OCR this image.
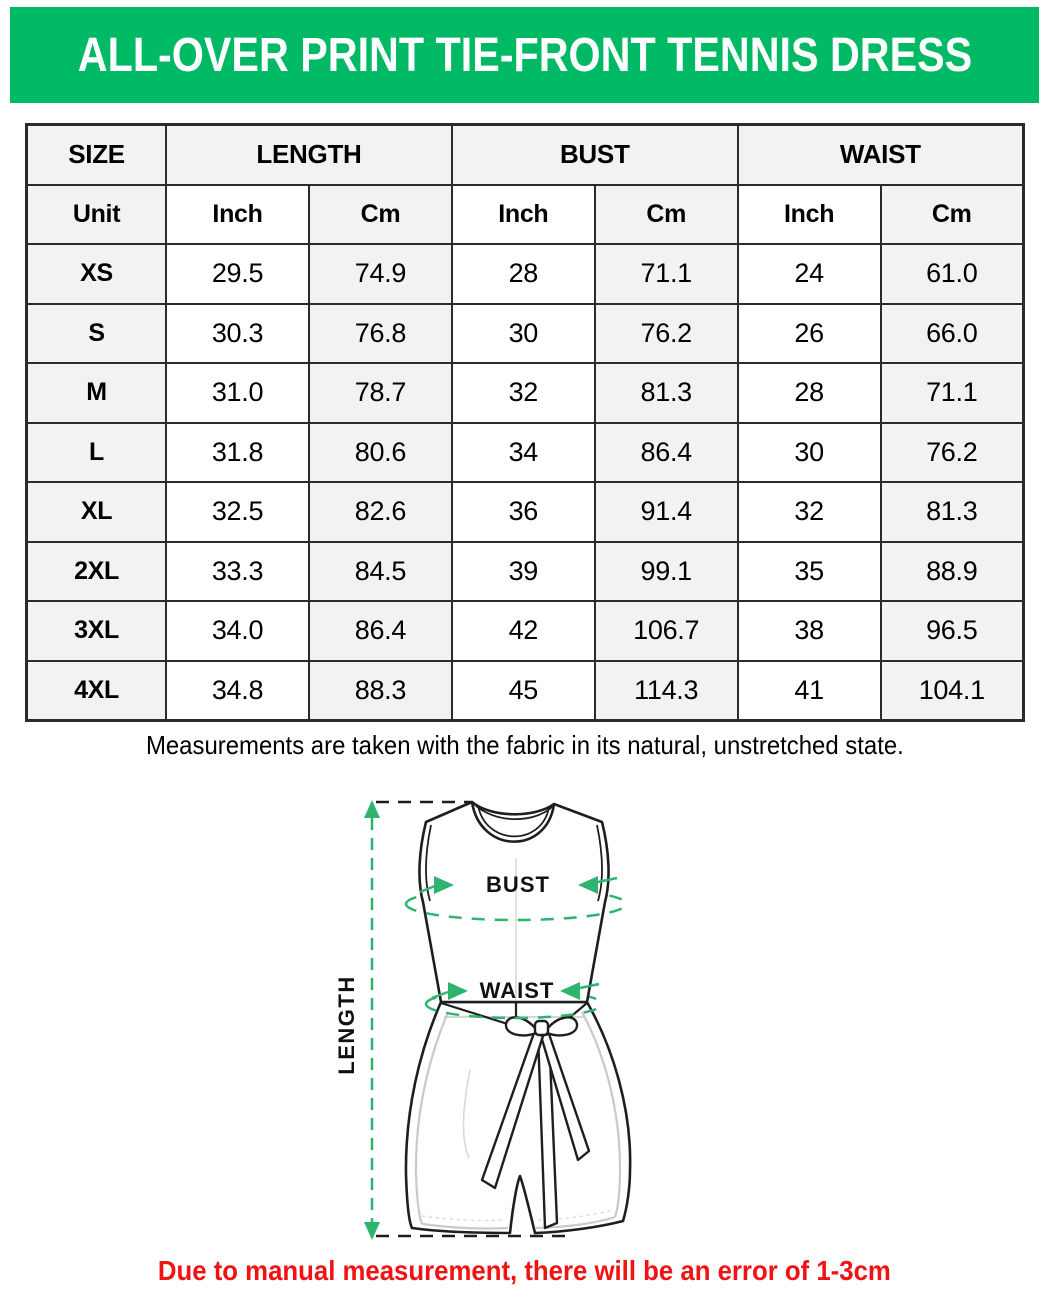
ALL-OVER PRINT TIE-FRONT TENNIS DRESS
SIZE	LENGTH		BUST		WAIST	
Unit	Inch	Cm	Inch	Cm	Inch	Cm
XS	29.5	74.9	28	71.1	24	61.0
S	30.3	76.8	30	76.2	26	66.0
M	31.0	78.7	32	81.3	28	71.1
L	31.8	80.6	34	86.4	30	76.2
XL	32.5	82.6	36	91.4	32	81.3
2XL	33.3	84.5	39	99.1	35	88.9
3XL	34.0	86.4	42	106.7	38	96.5
4XL	34.8	88.3	45	114.3	41	104.1
Measurements are taken with the fabric in its natural, unstretched state.
LENGTH
BUST
WAIST
Due to manual measurement, there will be an error of 1-3cm
